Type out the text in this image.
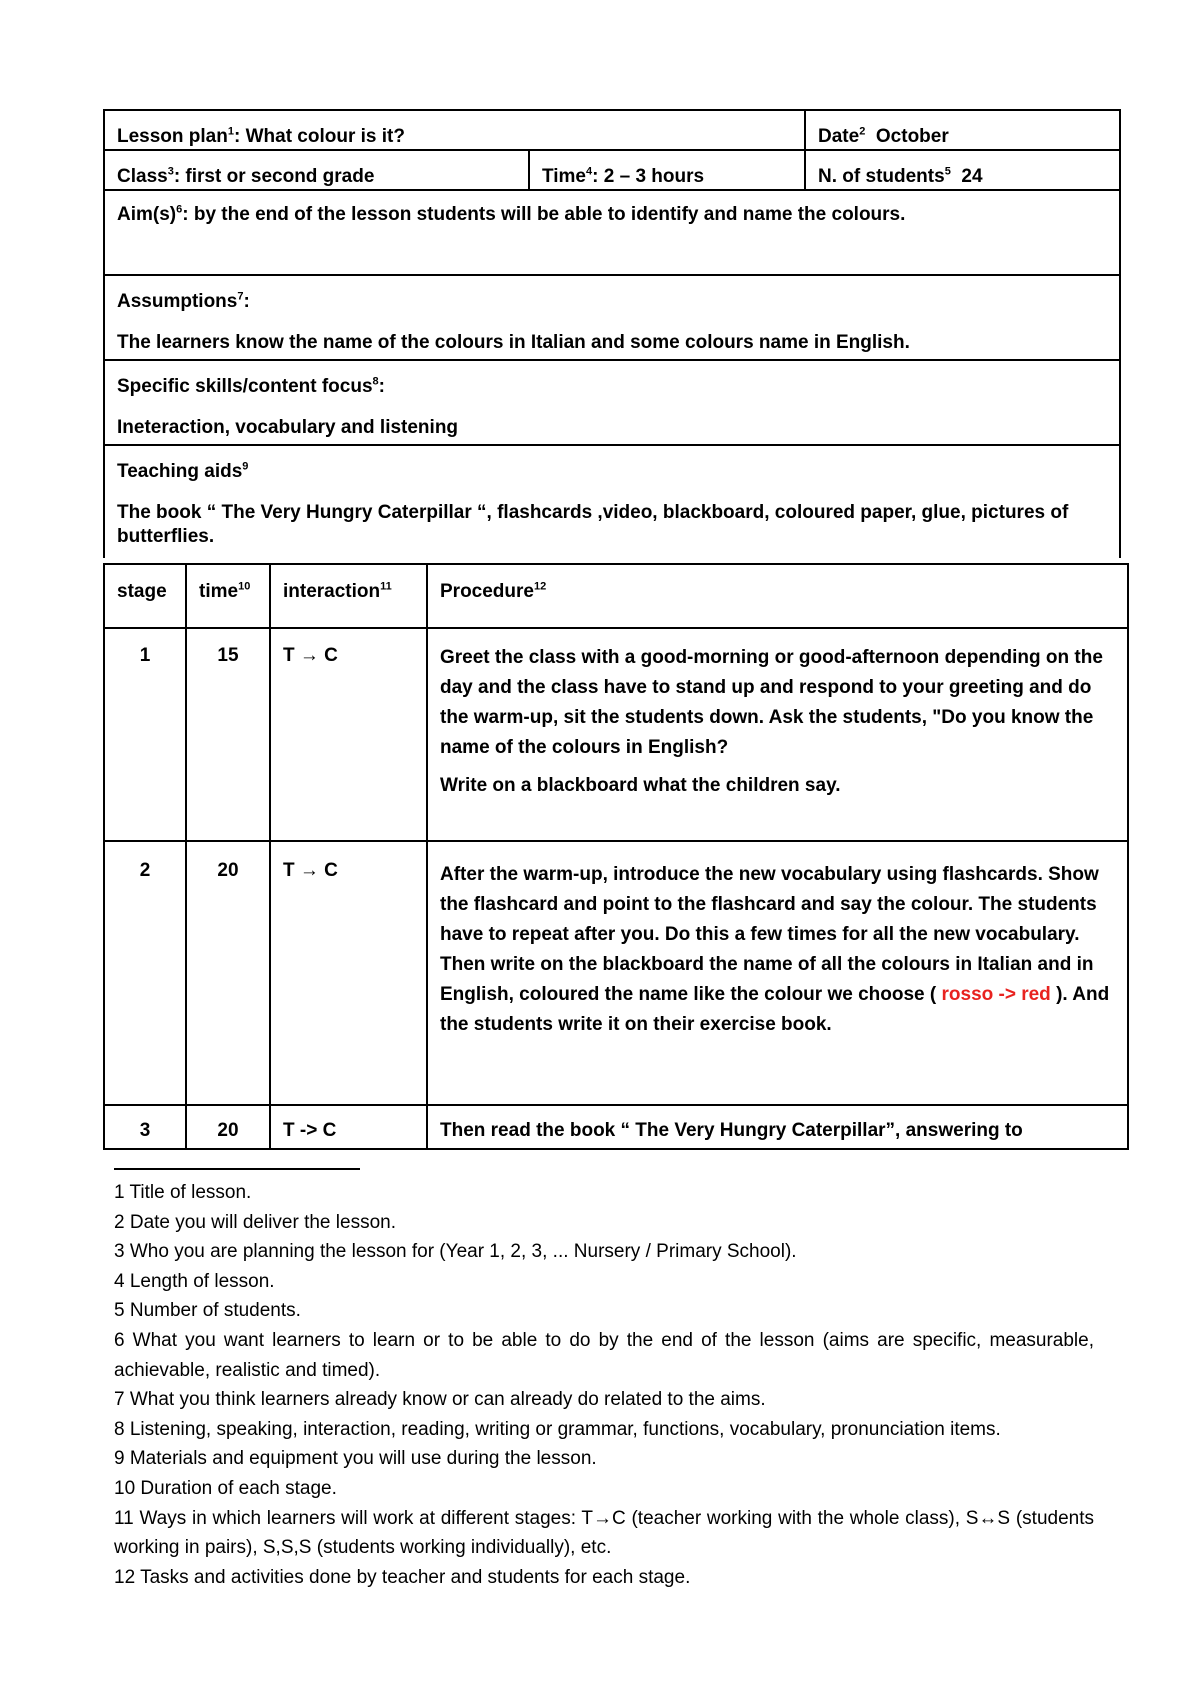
Lesson plan$^1$: What colour is it?		Date$^2$ October

Class$^3$: first or second grade	Time$^4$: 2 – 3 hours	N. of students$^5$ 24

$Aim(s)^6$: by the end of the lesson students will be able to identify and name the colours.		

Assumptions$^7$:
The learners know the name of the colours in Italian and some colours name in English.		

Specific skills/content focus$^8$:
Ineteraction, vocabulary and listening		

Teaching aids$^9$
The book “ The Very Hungry Caterpillar “, flashcards ,video, blackboard, coloured paper, glue, pictures of butterflies.		
stage	time$^{10}$	interaction$^{11}$	Procedure$^{12}$
1	15	T → C	Greet the class with a good-morning or good-afternoon depending on the day and the class have to stand up and respond to your greeting and do the warm-up, sit the students down. Ask the students, "Do you know the name of the colours in English?
Write on a blackboard what the children say.

2	20	T → C	After the warm-up, introduce the new vocabulary using flashcards. Show the flashcard and point to the flashcard and say the colour. The students have to repeat after you. Do this a few times for all the new vocabulary. Then write on the blackboard the name of all the colours in Italian and in English, coloured the name like the colour we choose ( rosso -> red ). And the students write it on their exercise book.

3	20	T -> C	Then read the book “ The Very Hungry Caterpillar”, answering to
1 Title of lesson.
2 Date you will deliver the lesson.
3 Who you are planning the lesson for (Year 1, 2, 3, ... Nursery / Primary School).
4 Length of lesson.
5 Number of students.
6 What you want learners to learn or to be able to do by the end of the lesson (aims are specific, measurable, achievable, realistic and timed).
7 What you think learners already know or can already do related to the aims.
8 Listening, speaking, interaction, reading, writing or grammar, functions, vocabulary, pronunciation items.
9 Materials and equipment you will use during the lesson.
10 Duration of each stage.
11 Ways in which learners will work at different stages: T→C (teacher working with the whole class), S↔S (students working in pairs), S,S,S (students working individually), etc.
12 Tasks and activities done by teacher and students for each stage.
